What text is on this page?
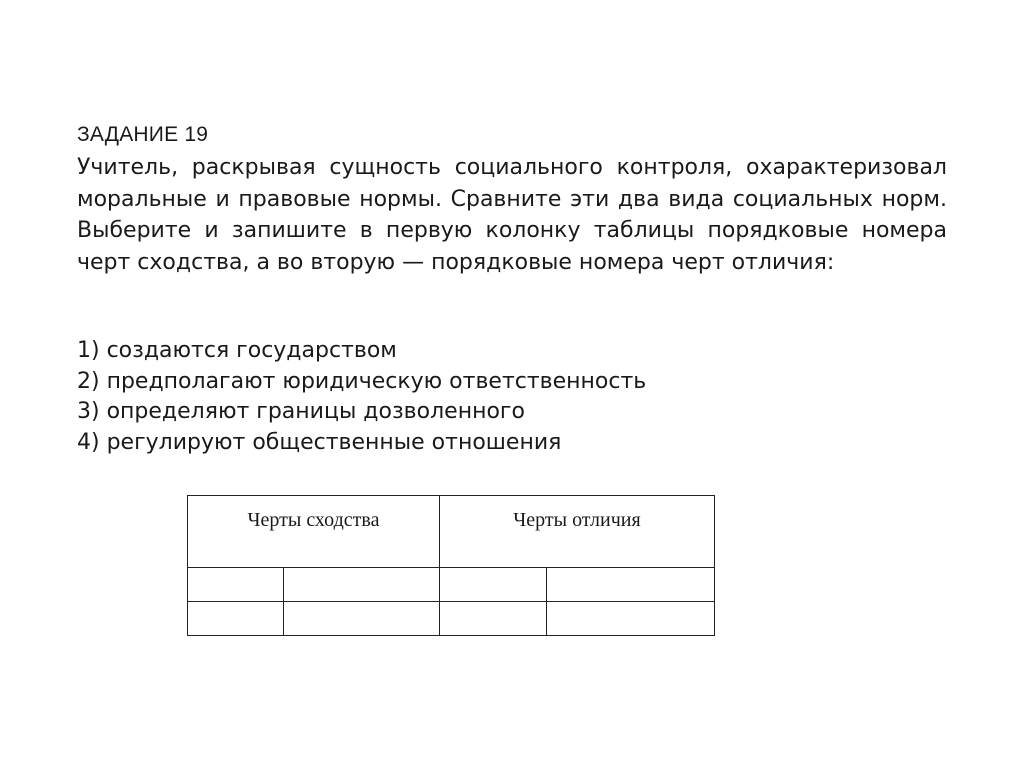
ЗАДАНИЕ 19
Учитель, раскрывая сущность социального контроля, охарактеризовал моральные и правовые нормы. Сравните эти два вида социальных норм. Выберите и запишите в первую колонку таблицы порядковые номера черт сходства, а во вторую — порядковые номера черт отличия:
1) создаются государством
2) предполагают юридическую ответственность
3) определяют границы дозволенного
4) регулируют общественные отношения
Черты сходства		Черты отличия	
